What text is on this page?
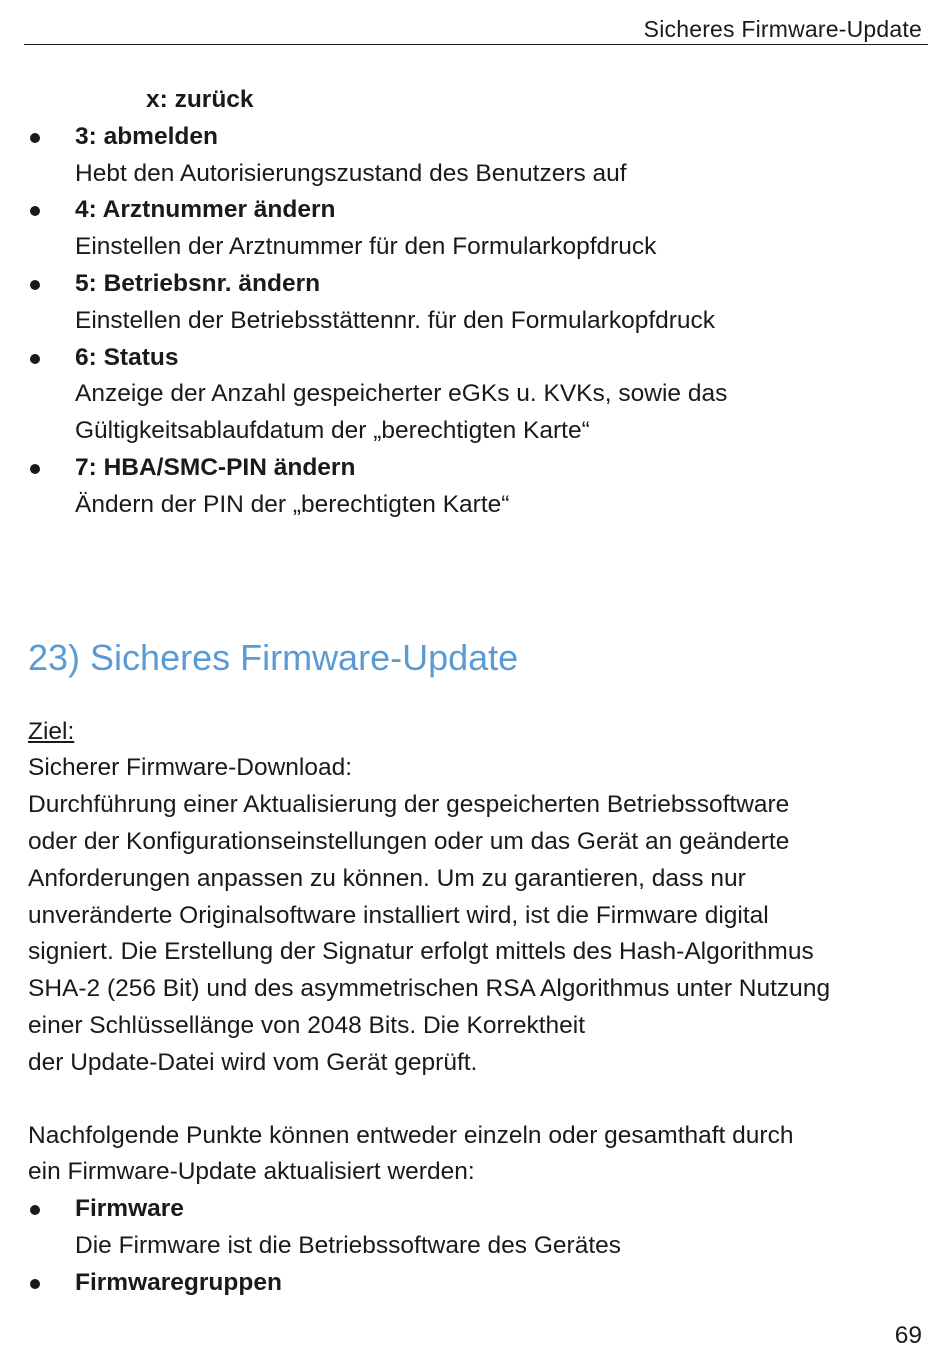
Sicheres Firmware-Update
x: zurück
3: abmelden
Hebt den Autorisierungszustand des Benutzers auf
4: Arztnummer ändern
Einstellen der Arztnummer für den Formularkopfdruck
5: Betriebsnr. ändern
Einstellen der Betriebsstättennr. für den Formularkopfdruck
6: Status
Anzeige der Anzahl gespeicherter eGKs u. KVKs, sowie das
Gültigkeitsablaufdatum der „berechtigten Karte“
7: HBA/SMC-PIN ändern
Ändern der PIN der „berechtigten Karte“
23) Sicheres Firmware-Update
Ziel:
Sicherer Firmware-Download:
Durchführung einer Aktualisierung der gespeicherten Betriebssoftware
oder der Konfigurationseinstellungen oder um das Gerät an geänderte
Anforderungen anpassen zu können. Um zu garantieren, dass nur
unveränderte Originalsoftware installiert wird, ist die Firmware digital
signiert. Die Erstellung der Signatur erfolgt mittels des Hash-Algorithmus
SHA-2 (256 Bit) und des asymmetrischen RSA Algorithmus unter Nutzung
einer Schlüssellänge von 2048 Bits. Die Korrektheit
der Update-Datei wird vom Gerät geprüft.
Nachfolgende Punkte können entweder einzeln oder gesamthaft durch
ein Firmware-Update aktualisiert werden:
Firmware
Die Firmware ist die Betriebssoftware des Gerätes
Firmwaregruppen
69
